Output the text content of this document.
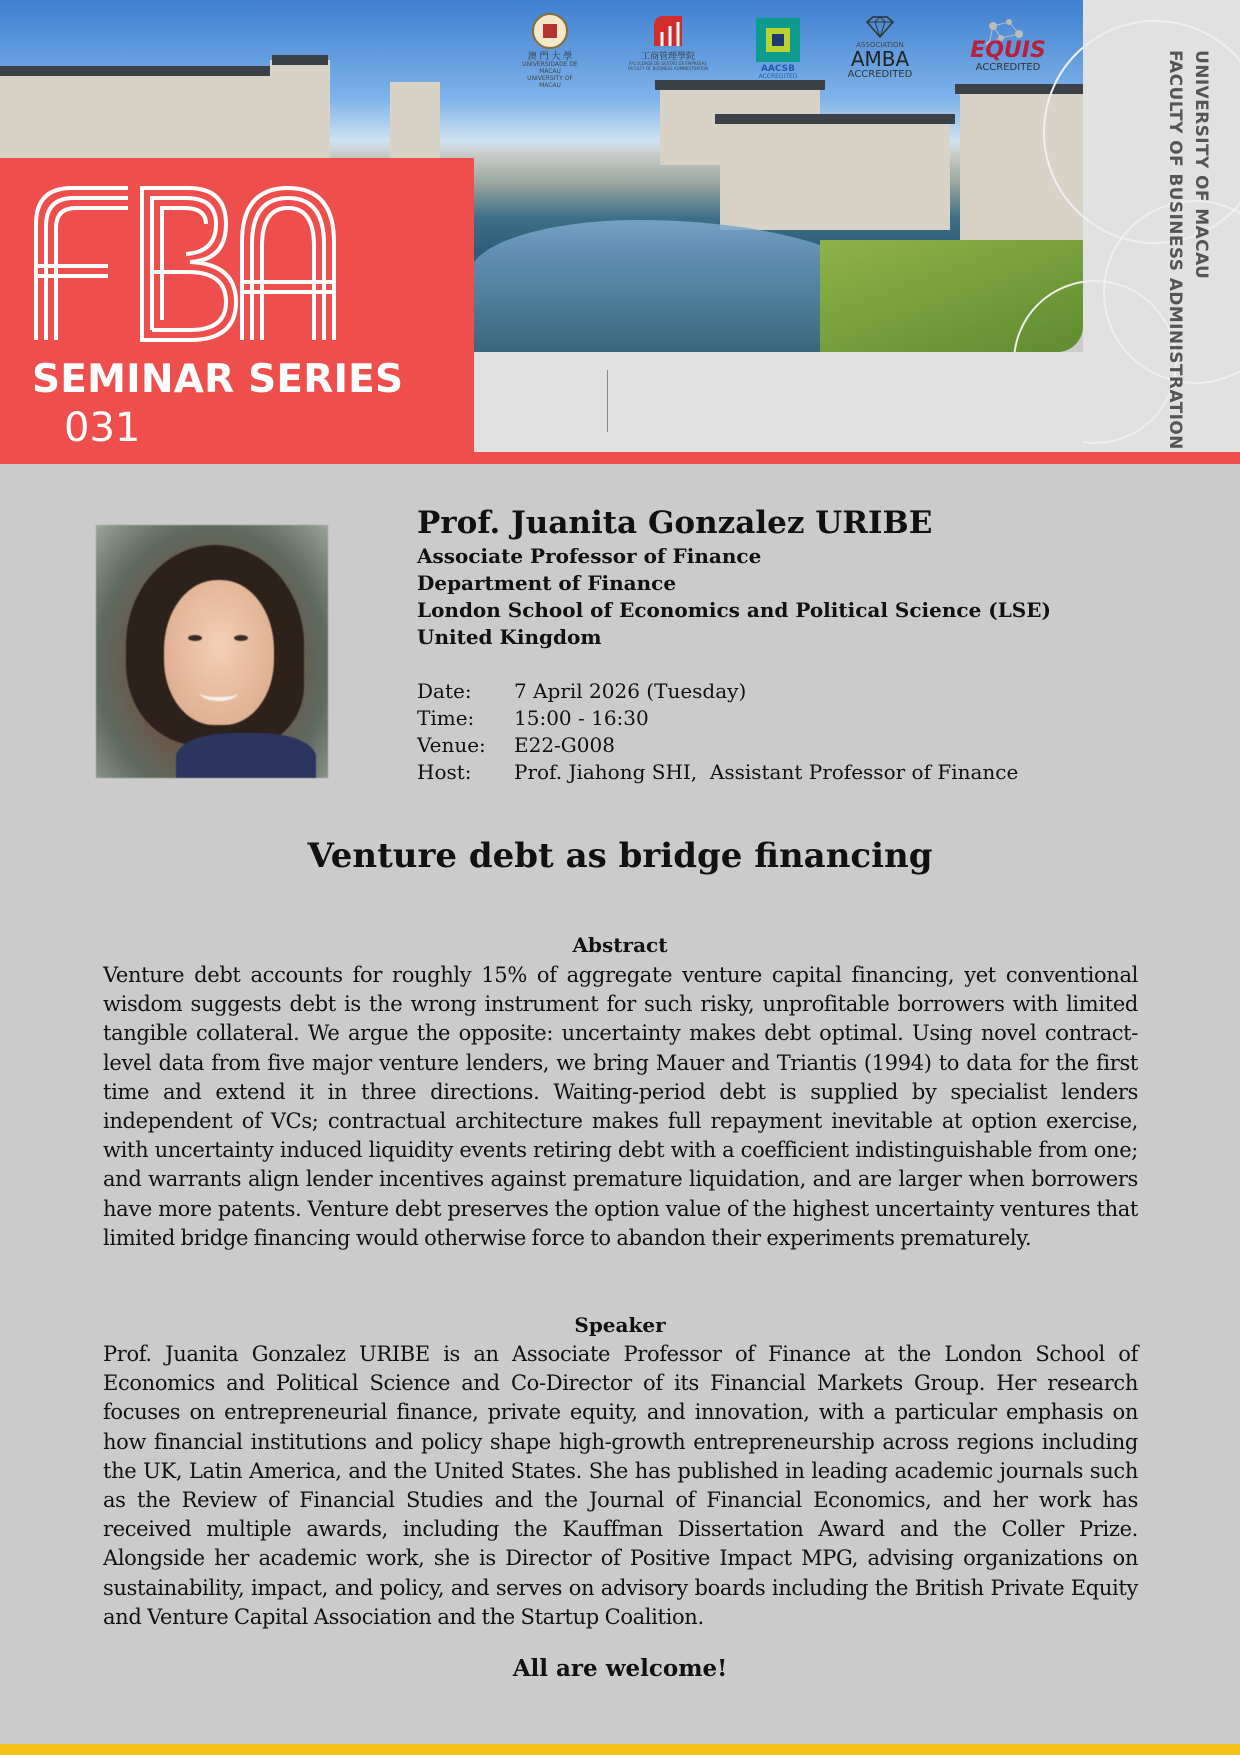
UNIVERSITY OF MACAU
FACULTY OF BUSINESS ADMINISTRATION
SEMINAR SERIES
031
澳 門 大 學
UNIVERSIDADE DE MACAU
UNIVERSITY OF MACAU
工商管理學院
FACULDADE DE GESTÃO DE EMPRESAS
FACULTY OF BUSINESS ADMINISTRATION	AACSB
ACCREDITED
ASSOCIATION
AMBA
ACCREDITED
EQUIS
ACCREDITED
Prof. Juanita Gonzalez URIBE
Associate Professor of Finance
Department of Finance
London School of Economics and Political Science (LSE)
United Kingdom
Date:	7 April 2026 (Tuesday)
Time:	15:00 - 16:30
Venue:	E22-G008
Host:	Prof. Jiahong SHI,  Assistant Professor of Finance
Venture debt as bridge financing
Abstract
Venture debt accounts for roughly 15% of aggregate venture capital financing, yet conventional wisdom suggests debt is the wrong instrument for such risky, unprofitable borrowers with limited tangible collateral. We argue the opposite: uncertainty makes debt optimal. Using novel contract-level data from five major venture lenders, we bring Mauer and Triantis (1994) to data for the first time and extend it in three directions. Waiting-period debt is supplied by specialist lenders independent of VCs; contractual architecture makes full repayment inevitable at option exercise, with uncertainty induced liquidity events retiring debt with a coefficient indistinguishable from one; and warrants align lender incentives against premature liquidation, and are larger when borrowers have more patents. Venture debt preserves the option value of the highest uncertainty ventures that limited bridge financing would otherwise force to abandon their experiments prematurely.
Speaker
Prof. Juanita Gonzalez URIBE is an Associate Professor of Finance at the London School of Economics and Political Science and Co-Director of its Financial Markets Group. Her research focuses on entrepreneurial finance, private equity, and innovation, with a particular emphasis on how financial institutions and policy shape high-growth entrepreneurship across regions including the UK, Latin America, and the United States. She has published in leading academic journals such as the Review of Financial Studies and the Journal of Financial Economics, and her work has received multiple awards, including the Kauffman Dissertation Award and the Coller Prize. Alongside her academic work, she is Director of Positive Impact MPG, advising organizations on sustainability, impact, and policy, and serves on advisory boards including the British Private Equity and Venture Capital Association and the Startup Coalition.
All are welcome!
